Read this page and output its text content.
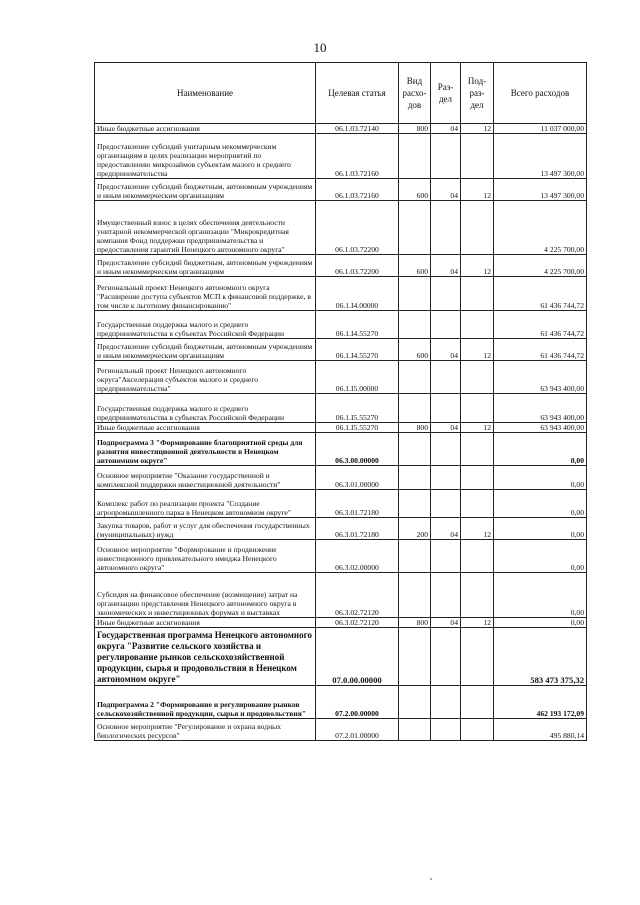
10
Наименование	Целевая статья	Вид расхо-дов	Раз-дел	Под-раз-дел	Всего расходов
Иные бюджетные ассигнования	06.1.03.72140	800	04	12	11 037 000,00
Предоставление субсидий унитарным некоммерческим организациям в целях реализации мероприятий по предоставлению микрозаймов субъектам малого и среднего предпринимательства	06.1.03.72160				13 497 300,00
Предоставление субсидий бюджетным, автономным учреждениям и иным некоммерческим организациям	06.1.03.72160	600	04	12	13 497 300,00
Имущественный взнос в целях обеспечения деятельности унитарной некоммерческой организации "Микрокредитная компания Фонд поддержки предпринимательства и предоставления гарантий Ненецкого автономного округа"	06.1.03.72200				4 225 700,00
Предоставление субсидий бюджетным, автономным учреждениям и иным некоммерческим организациям	06.1.03.72200	600	04	12	4 225 700,00
Региональный проект Ненецкого автономного округа "Расширение доступа субъектов МСП к финансовой поддержке, в том числе к льготному финансированию"	06.1.I4.00000				61 436 744,72
Государственная поддержка малого и среднего предпринимательства в субъектах Российской Федерации	06.1.I4.55270				61 436 744,72
Предоставление субсидий бюджетным, автономным учреждениям и иным некоммерческим организациям	06.1.I4.55270	600	04	12	61 436 744,72
Региональный проект Ненецкого автономного округа"Акселерация субъектов малого и среднего предпринимательства"	06.1.I5.00000				63 943 400,00
Государственная поддержка малого и среднего предпринимательства в субъектах Российской Федерации	06.1.I5.55270				63 943 400,00
Иные бюджетные ассигнования	06.1.I5.55270	800	04	12	63 943 400,00
Подпрограмма 3 "Формирование благоприятной среды для развития инвестиционной деятельности в Ненецком автономном округе"	06.3.00.00000				0,00
Основное мероприятие "Оказание государственной и комплексной поддержки инвестиционной деятельности"	06.3.01.00000				0,00
Комплекс работ по реализации проекта "Создание агропромышленного парка в Ненецком автономном округе"	06.3.01.72180				0,00
Закупка товаров, работ и услуг для обеспечения государственных (муниципальных) нужд	06.3.01.72180	200	04	12	0,00
Основное мероприятие "Формирование и продвижение инвестиционного привлекательного имиджа Ненецкого автономного округа"	06.3.02.00000				0,00
Субсидия на финансовое обеспечение (возмещение) затрат на организацию представления Ненецкого автономного округа в экономических и инвестиционных форумах и выставках	06.3.02.72120				0,00
Иные бюджетные ассигнования	06.3.02.72120	800	04	12	0,00
Государственная программа Ненецкого автономного округа "Развитие сельского хозяйства и регулирование рынков сельскохозяйственной продукции, сырья и продовольствия в Ненецком автономном округе"	07.0.00.00000				583 473 375,32
Подпрограмма 2 "Формирование и регулирование рынков сельскохозяйственной продукции, сырья и продовольствия"	07.2.00.00000				462 193 172,09
Основное мероприятие "Регулирование и охрана водных биологических ресурсов"	07.2.01.00000				495 880,14
